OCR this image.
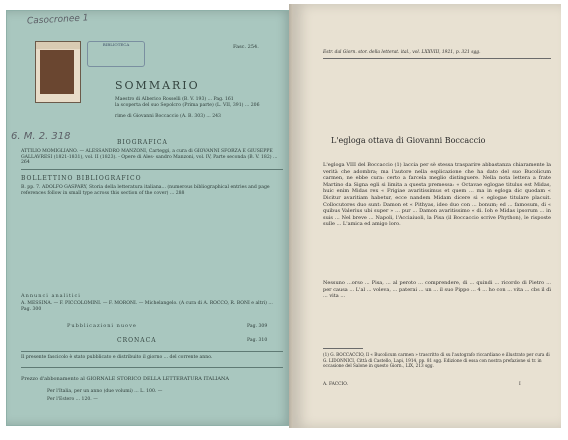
Casocronee 1
BIBLIOTECA	Fasc. 254.
SOMMARIO
Maestro di Alberico Rosselli (B. V. 193) ... Pag. 161
la scoperta del suo Sepolcro (Prima parte) (L. VII, 391) ... 206

rime di Giovanni Boccaccio (A. B. 303) ... 243
6. M. 2. 318
BIOGRAFICA
ATTILIO MOMIGLIANO. — ALESSANDRO MANZONI, Carteggi, a cura di GIOVANNI SFORZA E GIUSEPPE GALLAVRESI (1821-1831), vol. II (1823). - Opere di Ales- sandro Manzoni, vol. IV, Parte seconda (B. V. 182) ... 264
BOLLETTINO BIBLIOGRAFICO
B. pp. 7. ADOLFO GASPARY, Storia della letteratura italiana... (numerous bibliographical entries and page references follow in small type across this section of the cover) ... 288
Annunci analitici
A. MESSINA. — F. PICCOLOMINI. — F. MORONI. — Michelangelo. (A cura di A. ROCCO, R. BONI e altri) ... Pag. 300
Pubblicazioni nuove	Pag. 309
CRONACA	Pag. 310
Il presente fascicolo è stato pubblicato e distribuito il giorno ... del corrente anno.
Prezzo d'abbonamento al GIORNALE STORICO DELLA LETTERATURA ITALIANA
Per l'Italia, per un anno (due volumi) ... L. 100. —
Per l'Estero ... 120. —
Estr. dal Giorn. stor. della letterat. ital., vol. LXXVIII, 1921, p. 321 sgg.
L'egloga ottava di Giovanni Boccaccio
L'egloga VIII del Boccaccio (1) laccia per sè stessa trasparire abbastanza chiaramente la verità che adombra; ma l'autore nella esplicazione che ha dato del suo Bucolicum carmen, ne ebbe cura: certo a farcela meglio distinguere. Nella nota lettera a frate Martino da Signa egli si limita a questa premessa: « Octavae eglogae titulus est Midas, huic enim Midas rex « Frigiae avaritissimus et quem ... ma in egloga dic quodam « Dicitur avaritiam habetur, ecce nandem Midam dicere si « eglogae titulare placuit. Collocutores duo sunt: Damon et « Pithyas, ideo duo con ... bonum; ed ... famosum, di « quibus Valerius ubi super » ... pur ... Damon avaritissimo « di. Ioh e Midas ipsorum ... in suis ... Nel breve ... Napoli, l'Acciaiuoli, la Pisa (il Boccaccio scrive Phython), le risposte sulle ... L'amica ed amigo loro.
Nessuno ...orso ... Pisa, ... al peroto ... comprendere, di ... quindi ... ricordo di Pietro ... per causa ... L'al ... voleva, ... paterai ... un ... il suo Pippo ... 4 ... ho con ... vita ... cbs il dì ... vita ...
(1) G. BOCCACCIO, Il « Bucolicum carmen » trascritto di su l'autografo riccardiano e illustrato per cura di G. LIDONNICI, Città di Castello, Lapi, 1914, pp. 81 sgg. Edizione di essa con nostra prefazione si tr. in occasione del Salone in questo Giorn., LIX, 213 sgg.
A. FACCIO.	I
